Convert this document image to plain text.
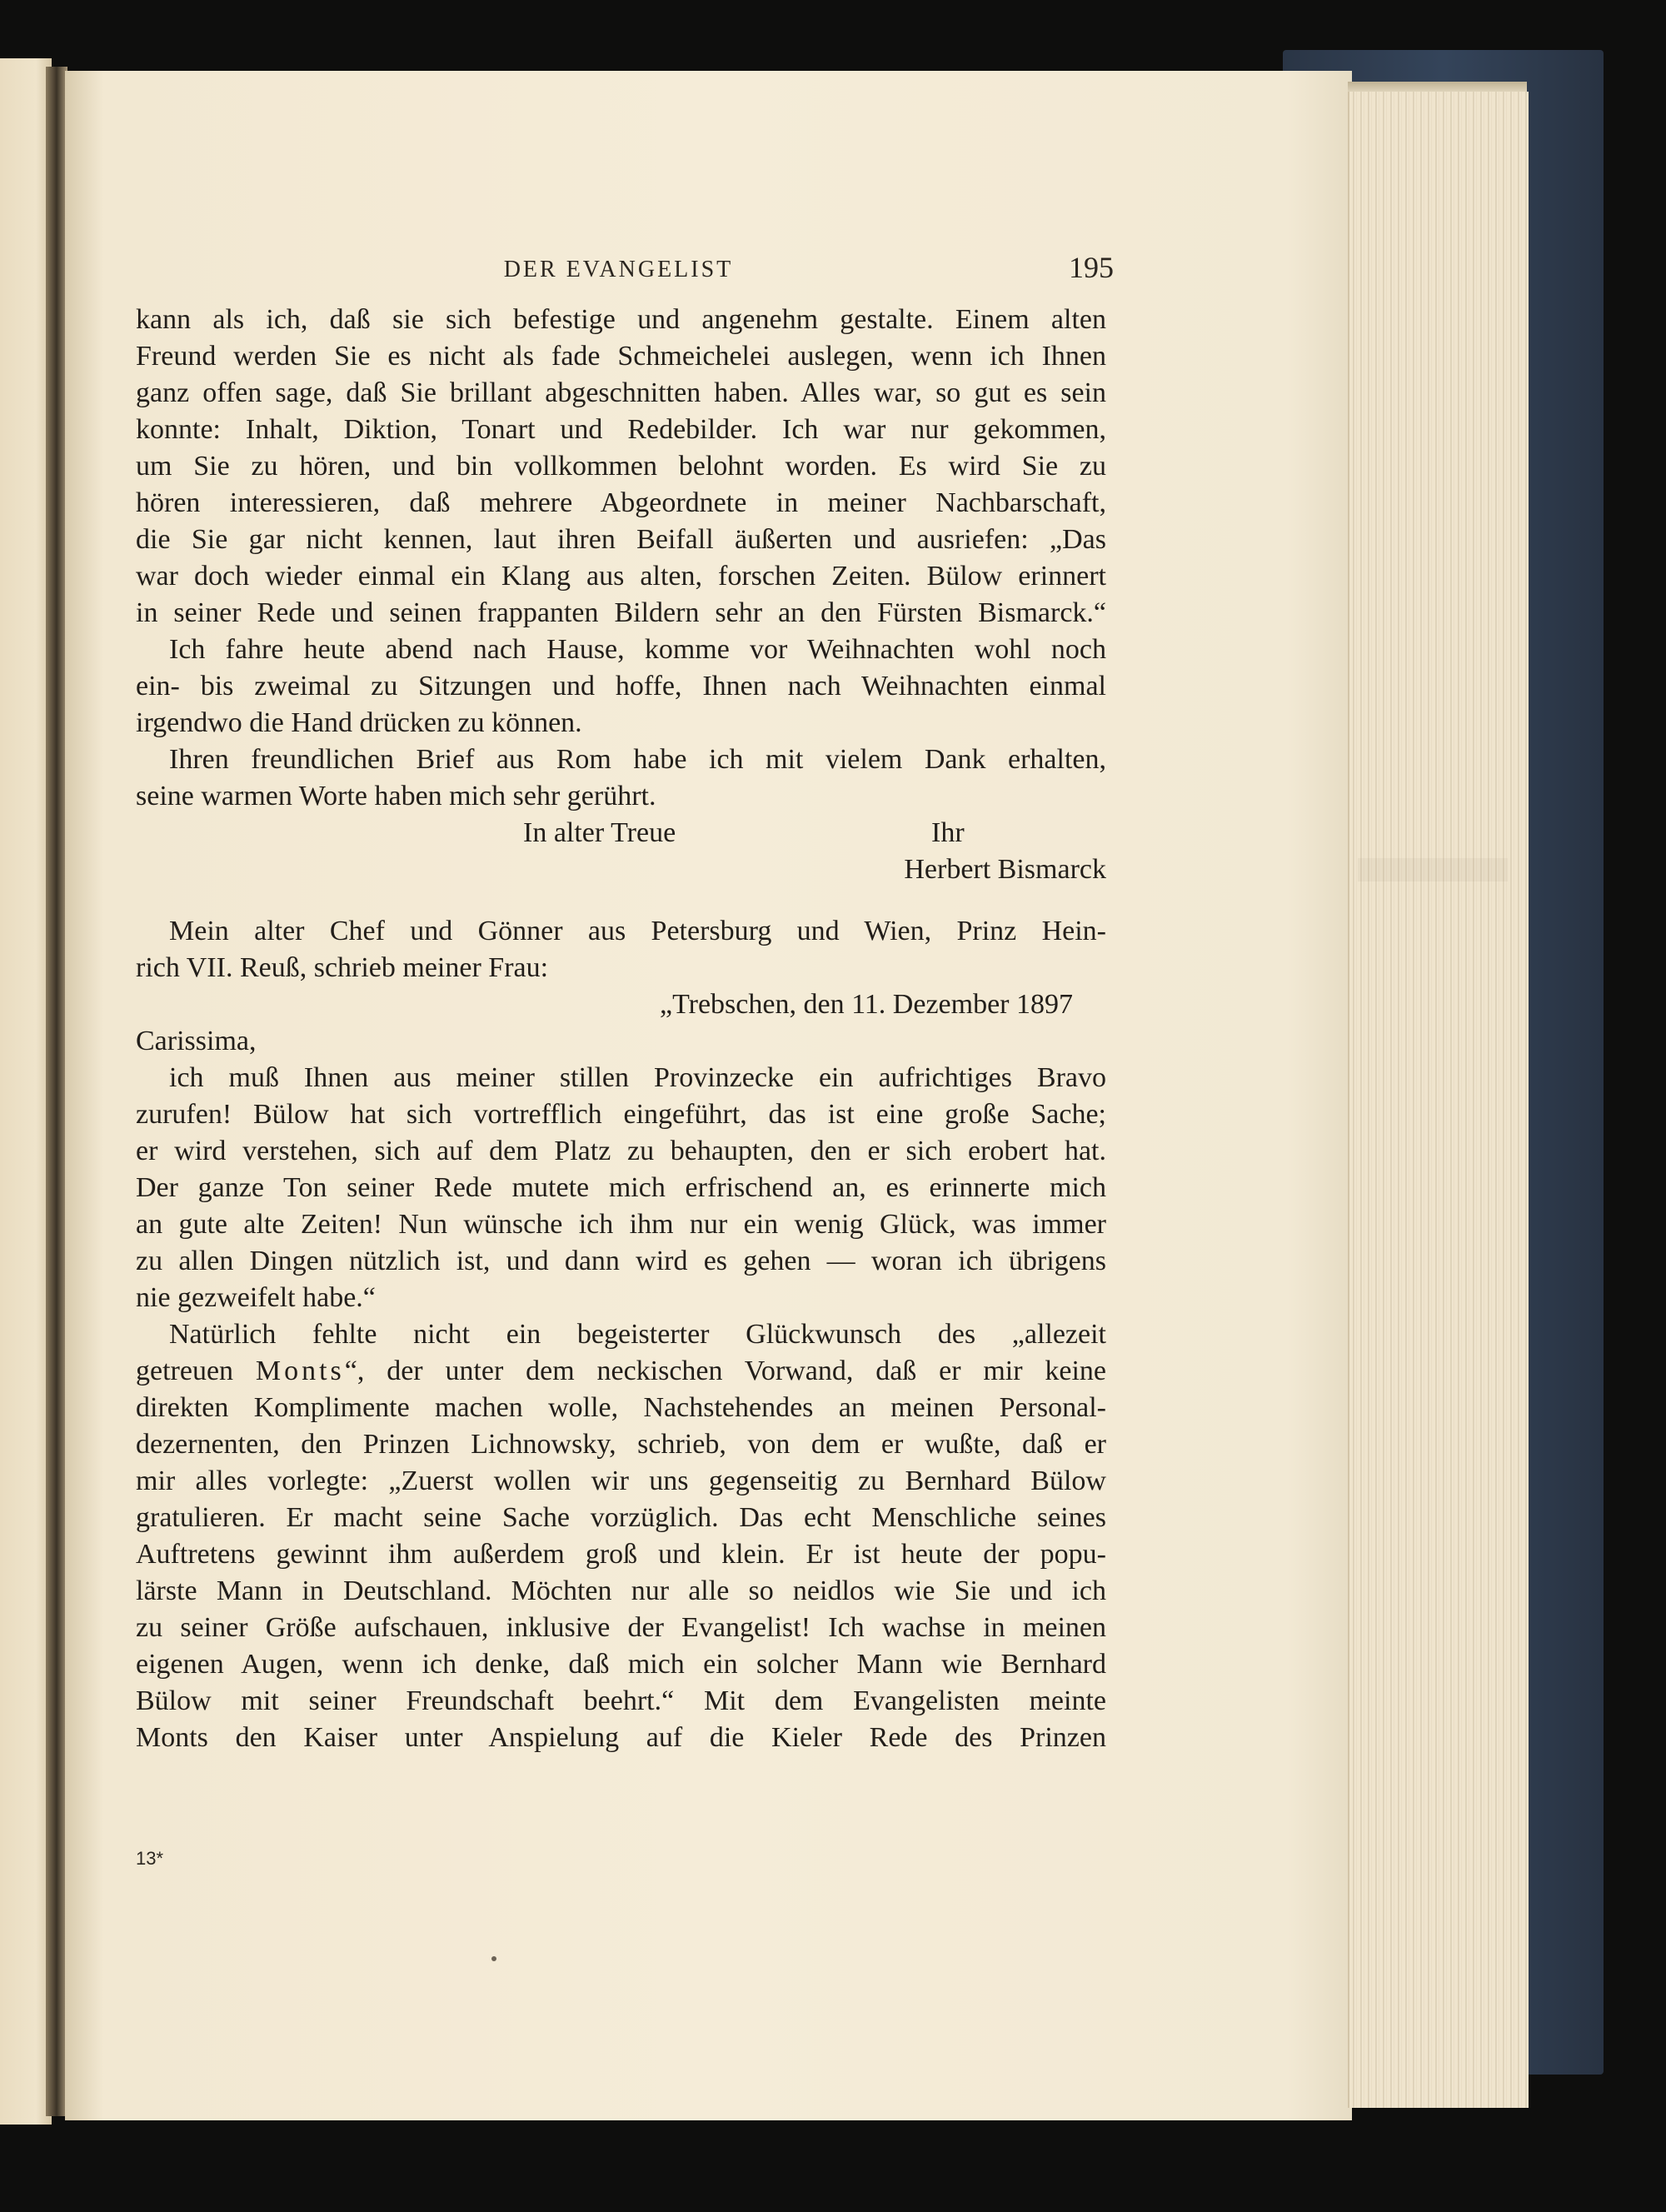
DER EVANGELIST	195
kann als ich, daß sie sich befestige und angenehm gestalte. Einem alten
Freund werden Sie es nicht als fade Schmeichelei auslegen, wenn ich Ihnen
ganz offen sage, daß Sie brillant abgeschnitten haben. Alles war, so gut es sein
konnte: Inhalt, Diktion, Tonart und Redebilder. Ich war nur gekommen,
um Sie zu hören, und bin vollkommen belohnt worden. Es wird Sie zu
hören interessieren, daß mehrere Abgeordnete in meiner Nachbarschaft,
die Sie gar nicht kennen, laut ihren Beifall äußerten und ausriefen: „Das
war doch wieder einmal ein Klang aus alten, forschen Zeiten. Bülow erinnert
in seiner Rede und seinen frappanten Bildern sehr an den Fürsten Bismarck.“
Ich fahre heute abend nach Hause, komme vor Weihnachten wohl noch
ein- bis zweimal zu Sitzungen und hoffe, Ihnen nach Weihnachten einmal
irgendwo die Hand drücken zu können.
Ihren freundlichen Brief aus Rom habe ich mit vielem Dank erhalten,
seine warmen Worte haben mich sehr gerührt.
In alter Treue	Ihr
Herbert Bismarck
Mein alter Chef und Gönner aus Petersburg und Wien, Prinz Hein-
rich VII. Reuß, schrieb meiner Frau:
„Trebschen, den 11. Dezember 1897
Carissima,
ich muß Ihnen aus meiner stillen Provinzecke ein aufrichtiges Bravo
zurufen! Bülow hat sich vortrefflich eingeführt, das ist eine große Sache;
er wird verstehen, sich auf dem Platz zu behaupten, den er sich erobert hat.
Der ganze Ton seiner Rede mutete mich erfrischend an, es erinnerte mich
an gute alte Zeiten! Nun wünsche ich ihm nur ein wenig Glück, was immer
zu allen Dingen nützlich ist, und dann wird es gehen — woran ich übrigens
nie gezweifelt habe.“
Natürlich fehlte nicht ein begeisterter Glückwunsch des „allezeit
getreuen Monts“, der unter dem neckischen Vorwand, daß er mir keine
direkten Komplimente machen wolle, Nachstehendes an meinen Personal-
dezernenten, den Prinzen Lichnowsky, schrieb, von dem er wußte, daß er
mir alles vorlegte: „Zuerst wollen wir uns gegenseitig zu Bernhard Bülow
gratulieren. Er macht seine Sache vorzüglich. Das echt Menschliche seines
Auftretens gewinnt ihm außerdem groß und klein. Er ist heute der popu-
lärste Mann in Deutschland. Möchten nur alle so neidlos wie Sie und ich
zu seiner Größe aufschauen, inklusive der Evangelist! Ich wachse in meinen
eigenen Augen, wenn ich denke, daß mich ein solcher Mann wie Bernhard
Bülow mit seiner Freundschaft beehrt.“ Mit dem Evangelisten meinte
Monts den Kaiser unter Anspielung auf die Kieler Rede des Prinzen
13*
